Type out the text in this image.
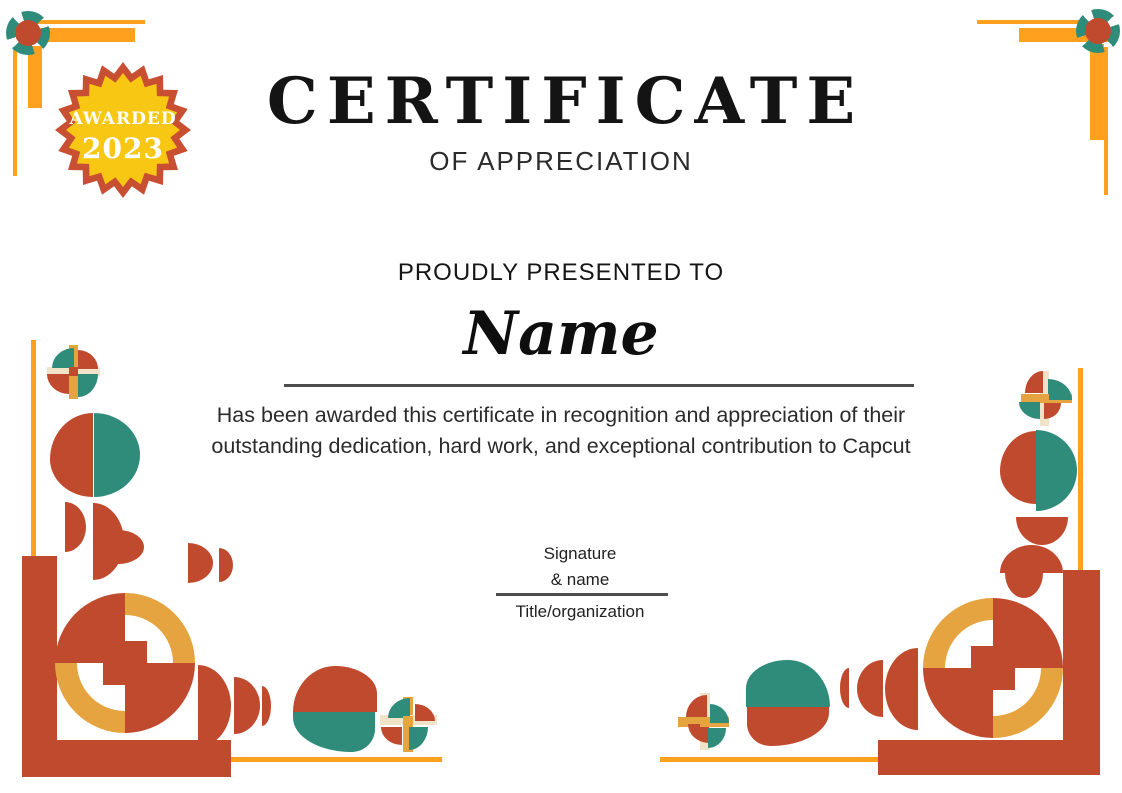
AWARDED
2023
CERTIFICATE
OF APPRECIATION
PROUDLY PRESENTED TO
Name
Has been awarded this certificate in recognition and appreciation of their outstanding dedication, hard work, and exceptional contribution to Capcut
Signature
& name
Title/organization
